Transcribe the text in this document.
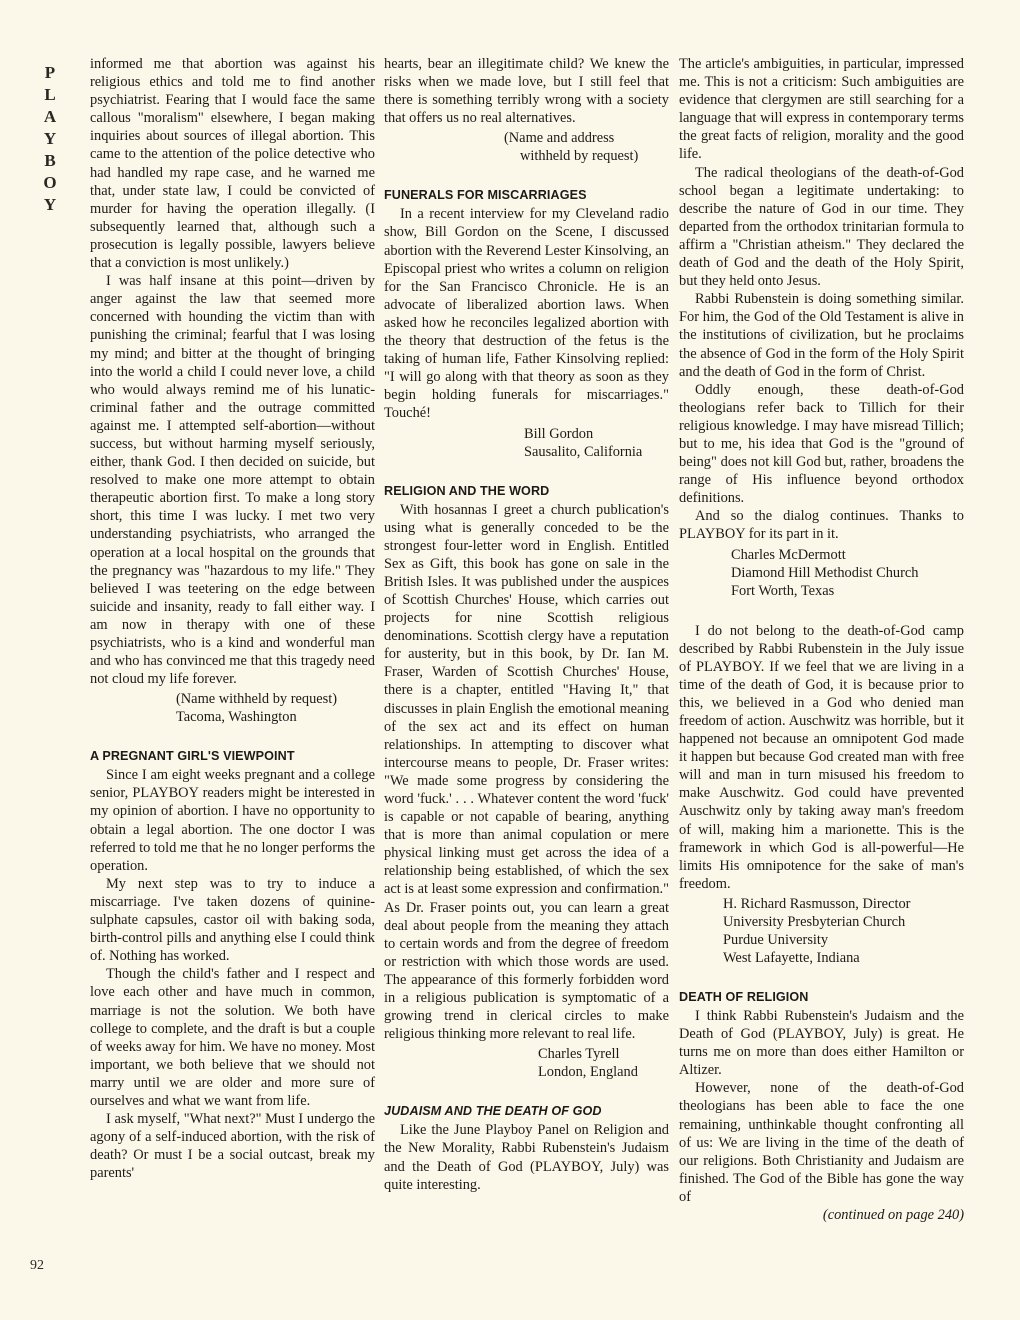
P
L
A
Y
B
O
Y
92

informed me that abortion was against his religious ethics and told me to find another psychiatrist. Fearing that I would face the same callous "moralism" elsewhere, I began making inquiries about sources of illegal abortion. This came to the attention of the police detective who had handled my rape case, and he warned me that, under state law, I could be convicted of murder for having the operation illegally. (I subsequently learned that, although such a prosecution is legally possible, lawyers believe that a conviction is most unlikely.)

I was half insane at this point—driven by anger against the law that seemed more concerned with hounding the victim than with punishing the criminal; fearful that I was losing my mind; and bitter at the thought of bringing into the world a child I could never love, a child who would always remind me of his lunatic-criminal father and the outrage committed against me. I attempted self-abortion—without success, but without harming myself seriously, either, thank God. I then decided on suicide, but resolved to make one more attempt to obtain therapeutic abortion first. To make a long story short, this time I was lucky. I met two very understanding psychiatrists, who arranged the operation at a local hospital on the grounds that the pregnancy was "hazardous to my life." They believed I was teetering on the edge between suicide and insanity, ready to fall either way. I am now in therapy with one of these psychiatrists, who is a kind and wonderful man and who has convinced me that this tragedy need not cloud my life forever.

(Name withheld by request)
Tacoma, Washington
A PREGNANT GIRL'S VIEWPOINT

Since I am eight weeks pregnant and a college senior, PLAYBOY readers might be interested in my opinion of abortion. I have no opportunity to obtain a legal abortion. The one doctor I was referred to told me that he no longer performs the operation.

My next step was to try to induce a miscarriage. I've taken dozens of quinine-sulphate capsules, castor oil with baking soda, birth-control pills and anything else I could think of. Nothing has worked.

Though the child's father and I respect and love each other and have much in common, marriage is not the solution. We both have college to complete, and the draft is but a couple of weeks away for him. We have no money. Most important, we both believe that we should not marry until we are older and more sure of ourselves and what we want from life.

I ask myself, "What next?" Must I undergo the agony of a self-induced abortion, with the risk of death? Or must I be a social outcast, break my parents'

hearts, bear an illegitimate child? We knew the risks when we made love, but I still feel that there is something terribly wrong with a society that offers us no real alternatives.

(Name and address
withheld by request)
FUNERALS FOR MISCARRIAGES

In a recent interview for my Cleveland radio show, Bill Gordon on the Scene, I discussed abortion with the Reverend Lester Kinsolving, an Episcopal priest who writes a column on religion for the San Francisco Chronicle. He is an advocate of liberalized abortion laws. When asked how he reconciles legalized abortion with the theory that destruction of the fetus is the taking of human life, Father Kinsolving replied: "I will go along with that theory as soon as they begin holding funerals for miscarriages." Touché!

Bill Gordon
Sausalito, California
RELIGION AND THE WORD

With hosannas I greet a church publication's using what is generally conceded to be the strongest four-letter word in English. Entitled Sex as Gift, this book has gone on sale in the British Isles. It was published under the auspices of Scottish Churches' House, which carries out projects for nine Scottish religious denominations. Scottish clergy have a reputation for austerity, but in this book, by Dr. Ian M. Fraser, Warden of Scottish Churches' House, there is a chapter, entitled "Having It," that discusses in plain English the emotional meaning of the sex act and its effect on human relationships. In attempting to discover what intercourse means to people, Dr. Fraser writes: "We made some progress by considering the word 'fuck.' . . . Whatever content the word 'fuck' is capable or not capable of bearing, anything that is more than animal copulation or mere physical linking must get across the idea of a relationship being established, of which the sex act is at least some expression and confirmation." As Dr. Fraser points out, you can learn a great deal about people from the meaning they attach to certain words and from the degree of freedom or restriction with which those words are used. The appearance of this formerly forbidden word in a religious publication is symptomatic of a growing trend in clerical circles to make religious thinking more relevant to real life.

Charles Tyrell
London, England
JUDAISM AND THE DEATH OF GOD

Like the June Playboy Panel on Religion and the New Morality, Rabbi Rubenstein's Judaism and the Death of God (PLAYBOY, July) was quite interesting.

The article's ambiguities, in particular, impressed me. This is not a criticism: Such ambiguities are evidence that clergymen are still searching for a language that will express in contemporary terms the great facts of religion, morality and the good life.

The radical theologians of the death-of-God school began a legitimate undertaking: to describe the nature of God in our time. They departed from the orthodox trinitarian formula to affirm a "Christian atheism." They declared the death of God and the death of the Holy Spirit, but they held onto Jesus.

Rabbi Rubenstein is doing something similar. For him, the God of the Old Testament is alive in the institutions of civilization, but he proclaims the absence of God in the form of the Holy Spirit and the death of God in the form of Christ.

Oddly enough, these death-of-God theologians refer back to Tillich for their religious knowledge. I may have misread Tillich; but to me, his idea that God is the "ground of being" does not kill God but, rather, broadens the range of His influence beyond orthodox definitions.

And so the dialog continues. Thanks to PLAYBOY for its part in it.

Charles McDermott
Diamond Hill Methodist Church
Fort Worth, Texas

I do not belong to the death-of-God camp described by Rabbi Rubenstein in the July issue of PLAYBOY. If we feel that we are living in a time of the death of God, it is because prior to this, we believed in a God who denied man freedom of action. Auschwitz was horrible, but it happened not because an omnipotent God made it happen but because God created man with free will and man in turn misused his freedom to make Auschwitz. God could have prevented Auschwitz only by taking away man's freedom of will, making him a marionette. This is the framework in which God is all-powerful—He limits His omnipotence for the sake of man's freedom.

H. Richard Rasmusson, Director
University Presbyterian Church
Purdue University
West Lafayette, Indiana
DEATH OF RELIGION

I think Rabbi Rubenstein's Judaism and the Death of God (PLAYBOY, July) is great. He turns me on more than does either Hamilton or Altizer.

However, none of the death-of-God theologians has been able to face the one remaining, unthinkable thought confronting all of us: We are living in the time of the death of our religions. Both Christianity and Judaism are finished. The God of the Bible has gone the way of

(continued on page 240)
